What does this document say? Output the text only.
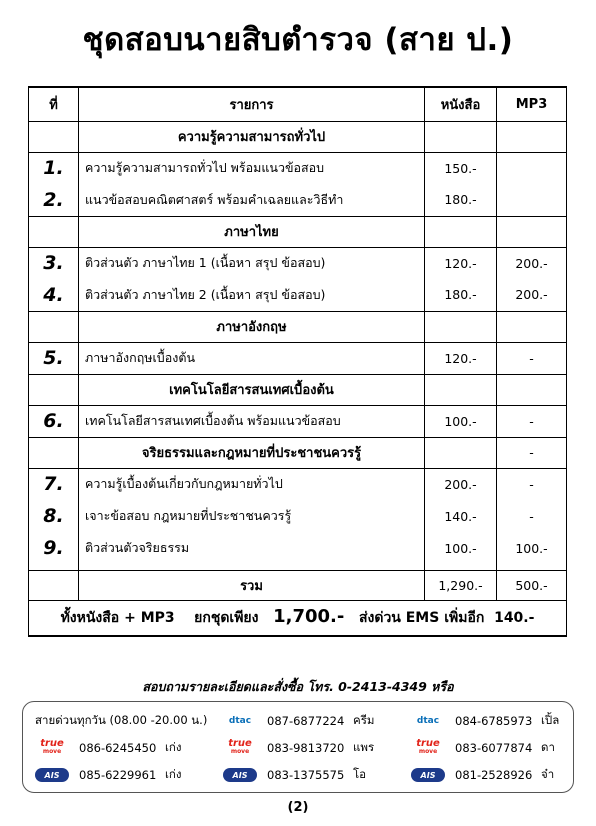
ชุดสอบนายสิบตำรวจ (สาย ป.)
ที่	รายการ	หนังสือ	MP3
	ความรู้ความสามารถทั่วไป		
1.	ความรู้ความสามารถทั่วไป พร้อมแนวข้อสอบ	150.-	
2.	แนวข้อสอบคณิตศาสตร์ พร้อมคำเฉลยและวิธีทำ	180.-	
	ภาษาไทย		
3.	ติวส่วนตัว ภาษาไทย 1 (เนื้อหา สรุป ข้อสอบ)	120.-	200.-
4.	ติวส่วนตัว ภาษาไทย 2 (เนื้อหา สรุป ข้อสอบ)	180.-	200.-
	ภาษาอังกฤษ		
5.	ภาษาอังกฤษเบื้องต้น	120.-	-
	เทคโนโลยีสารสนเทศเบื้องต้น		
6.	เทคโนโลยีสารสนเทศเบื้องต้น พร้อมแนวข้อสอบ	100.-	-
	จริยธรรมและกฎหมายที่ประชาชนควรรู้		-
7.	ความรู้เบื้องต้นเกี่ยวกับกฎหมายทั่วไป	200.-	-
8.	เจาะข้อสอบ กฎหมายที่ประชาชนควรรู้	140.-	-
9.	ติวส่วนตัวจริยธรรม	100.-	100.-

	รวม	1,290.-	500.-
ทั้งหนังสือ + MP3 ยกชุดเพียง 1,700.- ส่งด่วน EMS เพิ่มอีก 140.-			
สอบถามรายละเอียดและสั่งซื้อ โทร. 0-2413-4349 หรือ
สายด่วนทุกวัน (08.00 -20.00 น.)	dtac	087-6877224 ครีม	dtac	084-6785973 เปิ้ล
true
move 086-6245450 เก่ง	true
move 083-9813720 แพร	true
move 083-6077874 ดา
AIS	085-6229961 เก่ง	AIS	083-1375575 โอ	AIS	081-2528926 จ๋า
(2)
